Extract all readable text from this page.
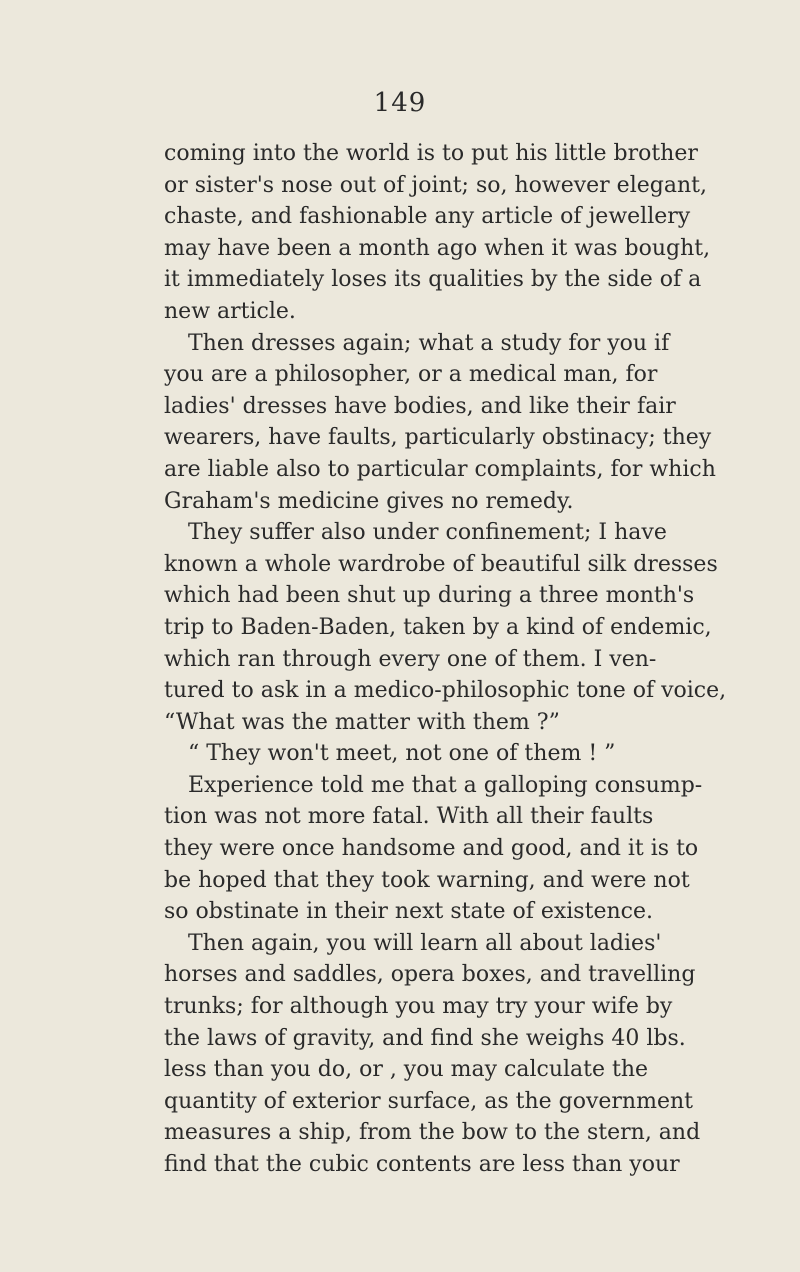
149
coming into the world is to put his little brother
or sister's nose out of joint; so, however elegant,
chaste, and fashionable any article of jewellery
may have been a month ago when it was bought,
it immediately loses its qualities by the side of a
new article.
Then dresses again; what a study for you if
you are a philosopher, or a medical man, for
ladies' dresses have bodies, and like their fair
wearers, have faults, particularly obstinacy; they
are liable also to particular complaints, for which
Graham's medicine gives no remedy.
They suffer also under confinement; I have
known a whole wardrobe of beautiful silk dresses
which had been shut up during a three month's
trip to Baden-Baden, taken by a kind of endemic,
which ran through every one of them. I ven-
tured to ask in a medico-philosophic tone of voice,
“What was the matter with them ?”
“ They won't meet, not one of them ! ”
Experience told me that a galloping consump-
tion was not more fatal. With all their faults
they were once handsome and good, and it is to
be hoped that they took warning, and were not
so obstinate in their next state of existence.
Then again, you will learn all about ladies'
horses and saddles, opera boxes, and travelling
trunks; for although you may try your wife by
the laws of gravity, and find she weighs 40 lbs.
less than you do, or , you may calculate the
quantity of exterior surface, as the government
measures a ship, from the bow to the stern, and
find that the cubic contents are less than your
